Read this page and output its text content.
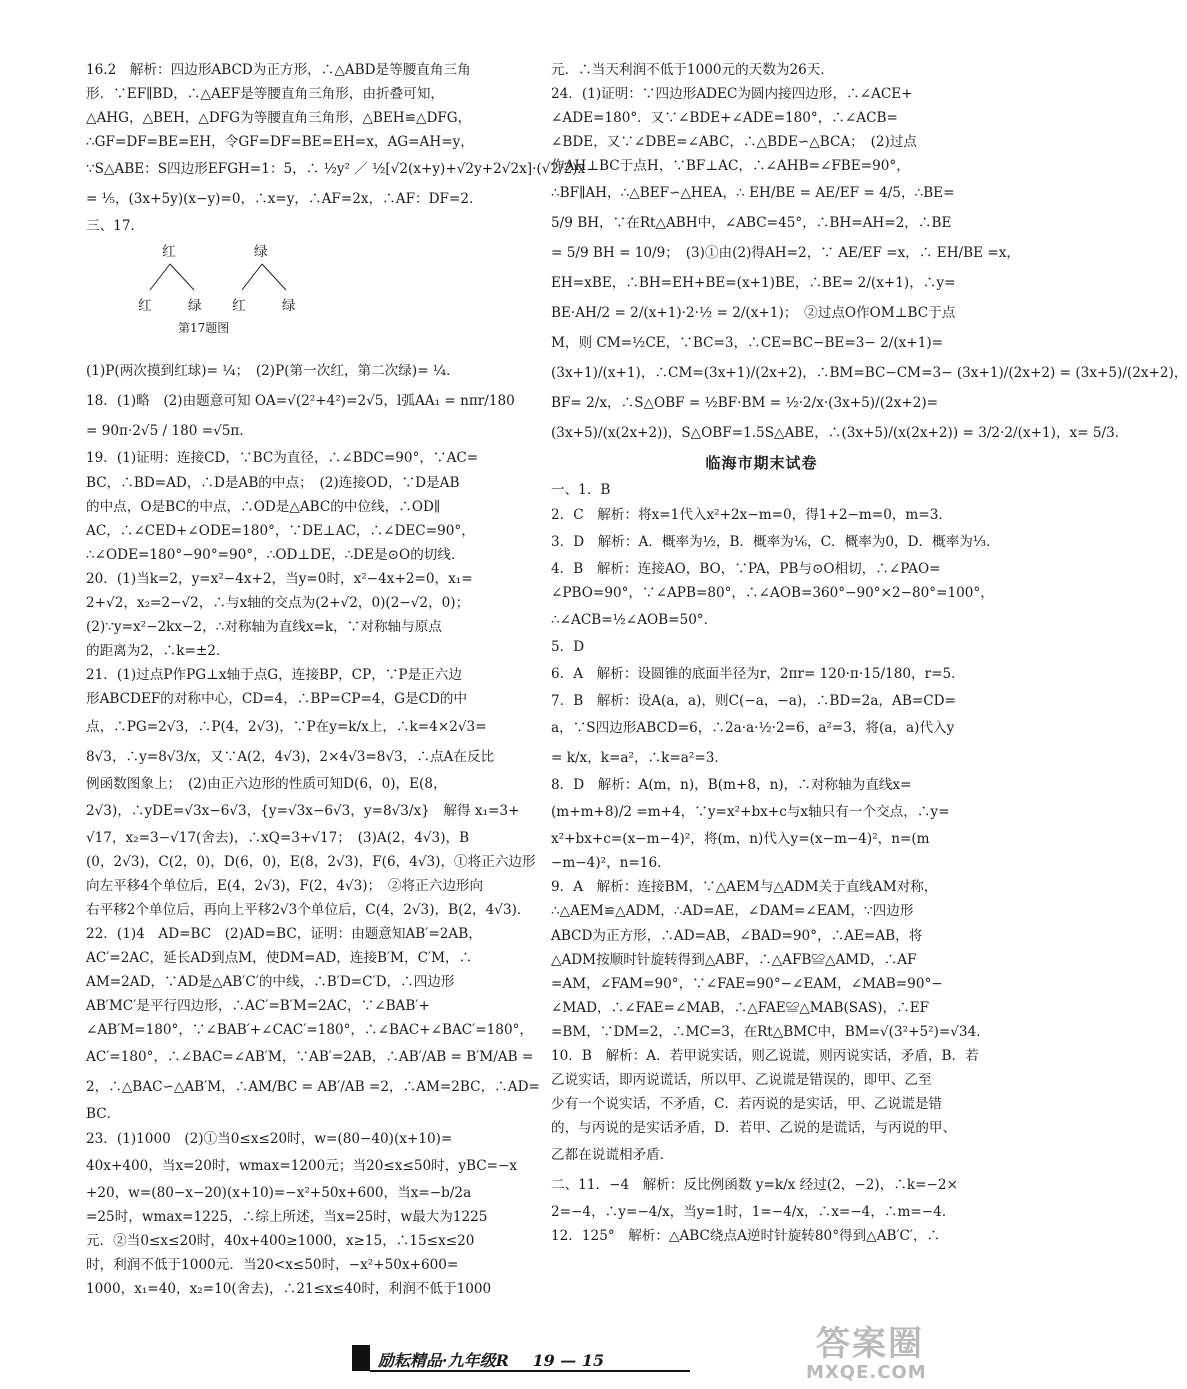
16.2　解析：四边形ABCD为正方形，∴△ABD是等腰直角三角
形．∵EF∥BD，∴△AEF是等腰直角三角形，由折叠可知，
△AHG，△BEH，△DFG为等腰直角三角形，△BEH≌△DFG，
∴GF=DF=BE=EH，令GF=DF=BE=EH=x，AG=AH=y，
∵S△ABE：S四边形EFGH=1：5，∴ ½y² ／ ½[√2(x+y)+√2y+2√2x]·(√2/2)x
= ⅕，(3x+5y)(x−y)=0，∴x=y，∴AF=2x，∴AF：DF=2．
三、17．
红	绿
红	绿 红	绿
第17题图
(1)P(两次摸到红球)= ¼；　(2)P(第一次红，第二次绿)= ¼．
18．(1)略　(2)由题意可知 OA=√(2²+4²)=2√5，l弧AA₁ = nπr/180
= 90π·2√5 / 180 =√5π．
19．(1)证明：连接CD，∵BC为直径，∴∠BDC=90°，∵AC=
BC，∴BD=AD，∴D是AB的中点；　(2)连接OD，∵D是AB
的中点，O是BC的中点，∴OD是△ABC的中位线，∴OD∥
AC，∴∠CED+∠ODE=180°，∵DE⊥AC，∴∠DEC=90°，
∴∠ODE=180°−90°=90°，∴OD⊥DE，∴DE是⊙O的切线．
20．(1)当k=2，y=x²−4x+2，当y=0时，x²−4x+2=0，x₁=
2+√2，x₂=2−√2，∴与x轴的交点为(2+√2，0)(2−√2，0)；
(2)∵y=x²−2kx−2，∴对称轴为直线x=k，∵对称轴与原点
的距离为2，∴k=±2．
21．(1)过点P作PG⊥x轴于点G，连接BP，CP，∵P是正六边
形ABCDEF的对称中心，CD=4，∴BP=CP=4，G是CD的中
点，∴PG=2√3，∴P(4，2√3)，∵P在y=k/x上，∴k=4×2√3=
8√3，∴y=8√3/x，又∵A(2，4√3)，2×4√3=8√3，∴点A在反比
例函数图象上；　(2)由正六边形的性质可知D(6，0)，E(8，
2√3)，∴yDE=√3x−6√3，{y=√3x−6√3，y=8√3/x}　解得 x₁=3+
√17，x₂=3−√17(舍去)，∴xQ=3+√17；　(3)A(2，4√3)，B
(0，2√3)，C(2，0)，D(6，0)，E(8，2√3)，F(6，4√3)，①将正六边形
向左平移4个单位后，E(4，2√3)，F(2，4√3)；　②将正六边形向
右平移2个单位后，再向上平移2√3个单位后，C(4，2√3)，B(2，4√3)．
22．(1)4　AD=BC　(2)AD=BC，证明：由题意知AB′=2AB，
AC′=2AC，延长AD到点M，使DM=AD，连接B′M，C′M，∴
AM=2AD，∵AD是△AB′C′的中线，∴B′D=C′D，∴四边形
AB′MC′是平行四边形，∴AC′=B′M=2AC，∵∠BAB′+
∠AB′M=180°，∵∠BAB′+∠CAC′=180°，∴∠BAC+∠BAC′=180°，
AC′=180°，∴∠BAC=∠AB′M，∵AB′=2AB，∴AB′/AB = B′M/AB =
2，∴△BAC∽△AB′M，∴AM/BC = AB′/AB =2，∴AM=2BC，∴AD=
BC．
23．(1)1000　(2)①当0≤x≤20时，w=(80−40)(x+10)=
40x+400，当x=20时，wmax=1200元；当20≤x≤50时，yBC=−x
+20，w=(80−x−20)(x+10)=−x²+50x+600，当x=−b/2a
=25时，wmax=1225，∴综上所述，当x=25时，w最大为1225
元．②当0≤x≤20时，40x+400≥1000，x≥15，∴15≤x≤20
时，利润不低于1000元．当20<x≤50时，−x²+50x+600=
1000，x₁=40，x₂=10(舍去)，∴21≤x≤40时，利润不低于1000
元．∴当天利润不低于1000元的天数为26天．
24．(1)证明：∵四边形ADEC为圆内接四边形，∴∠ACE+
∠ADE=180°．又∵∠BDE+∠ADE=180°，∴∠ACB=
∠BDE，又∵∠DBE=∠ABC，∴△BDE∽△BCA；　(2)过点
作AH⊥BC于点H，∵BF⊥AC，∴∠AHB=∠FBE=90°，
∴BF∥AH，∴△BEF∽△HEA，∴ EH/BE = AE/EF = 4/5，∴BE=
5/9 BH，∵在Rt△ABH中，∠ABC=45°，∴BH=AH=2，∴BE
= 5/9 BH = 10/9；　(3)①由(2)得AH=2，∵ AE/EF =x，∴ EH/BE =x，
EH=xBE，∴BH=EH+BE=(x+1)BE，∴BE= 2/(x+1)，∴y=
BE·AH/2 = 2/(x+1)·2·½ = 2/(x+1)；　②过点O作OM⊥BC于点
M，则 CM=½CE，∵BC=3，∴CE=BC−BE=3− 2/(x+1)=
(3x+1)/(x+1)，∴CM=(3x+1)/(2x+2)，∴BM=BC−CM=3− (3x+1)/(2x+2) = (3x+5)/(2x+2)，
BF= 2/x，∴S△OBF = ½BF·BM = ½·2/x·(3x+5)/(2x+2)=
(3x+5)/(x(2x+2))，S△OBF=1.5S△ABE，∴(3x+5)/(x(2x+2)) = 3/2·2/(x+1)，x= 5/3．
临海市期末试卷
一、1．B
2．C　解析：将x=1代入x²+2x−m=0，得1+2−m=0，m=3．
3．D　解析：A．概率为½，B．概率为⅙，C．概率为0，D．概率为⅓．
4．B　解析：连接AO，BO，∵PA，PB与⊙O相切，∴∠PAO=
∠PBO=90°，∵∠APB=80°，∴∠AOB=360°−90°×2−80°=100°，
∴∠ACB=½∠AOB=50°．
5．D
6．A　解析：设圆锥的底面半径为r，2πr= 120·π·15/180，r=5．
7．B　解析：设A(a，a)，则C(−a，−a)，∴BD=2a，AB=CD=
a，∵S四边形ABCD=6，∴2a·a·½·2=6，a²=3，将(a，a)代入y
= k/x，k=a²，∴k=a²=3．
8．D　解析：A(m，n)，B(m+8，n)，∴对称轴为直线x=
(m+m+8)/2 =m+4，∵y=x²+bx+c与x轴只有一个交点，∴y=
x²+bx+c=(x−m−4)²，将(m，n)代入y=(x−m−4)²，n=(m
−m−4)²，n=16．
9．A　解析：连接BM，∵△AEM与△ADM关于直线AM对称，
∴△AEM≌△ADM，∴AD=AE，∠DAM=∠EAM，∵四边形
ABCD为正方形，∴AD=AB，∠BAD=90°，∴AE=AB，将
△ADM按顺时针旋转得到△ABF，∴△AFB≌△AMD，∴AF
=AM，∠FAM=90°，∵∠FAE=90°−∠EAM，∠MAB=90°−
∠MAD，∴∠FAE=∠MAB，∴△FAE≌△MAB(SAS)，∴EF
=BM，∵DM=2，∴MC=3，在Rt△BMC中，BM=√(3²+5²)=√34．
10．B　解析：A．若甲说实话，则乙说谎，则丙说实话，矛盾，B．若
乙说实话，即丙说谎话，所以甲、乙说谎是错误的，即甲、乙至
少有一个说实话，不矛盾，C．若丙说的是实话，甲、乙说谎是错
的，与丙说的是实话矛盾，D．若甲、乙说的是谎话，与丙说的甲、
乙都在说谎相矛盾．
二、11．−4　解析：反比例函数 y=k/x 经过(2，−2)，∴k=−2×
2=−4，∴y=−4/x，当y=1时，1=−4/x，∴x=−4，∴m=−4．
12．125°　解析：△ABC绕点A逆时针旋转80°得到△AB′C′，∴
励耘精品·九年级R 19 — 15	答案圈
MXQE.COM
